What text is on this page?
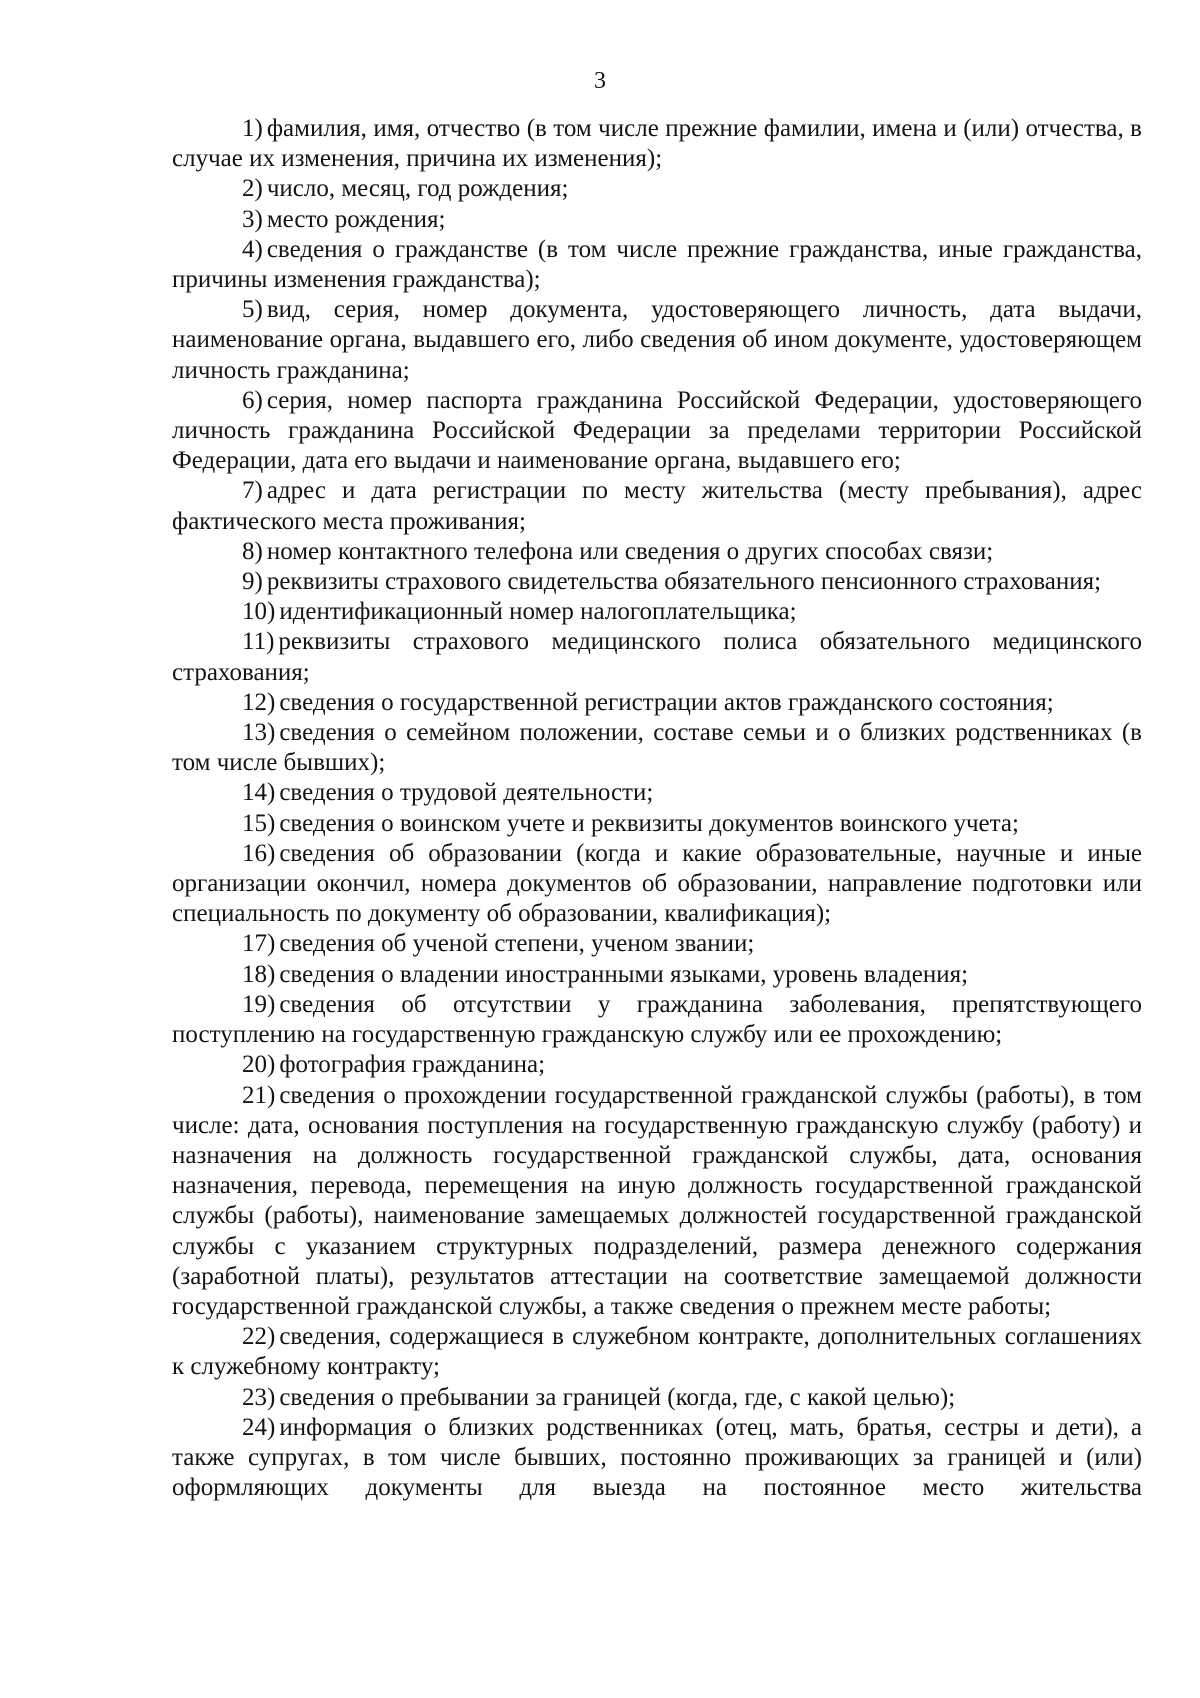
3

1) фамилия, имя, отчество (в том числе прежние фамилии, имена и (или) отчества, в случае их изменения, причина их изменения);

2) число, месяц, год рождения;

3) место рождения;

4) сведения о гражданстве (в том числе прежние гражданства, иные гражданства, причины изменения гражданства);

5) вид, серия, номер документа, удостоверяющего личность, дата выдачи, наименование органа, выдавшего его, либо сведения об ином документе, удостоверяющем личность гражданина;

6) серия, номер паспорта гражданина Российской Федерации, удостоверяющего личность гражданина Российской Федерации за пределами территории Российской Федерации, дата его выдачи и наименование органа, выдавшего его;

7) адрес и дата регистрации по месту жительства (месту пребывания), адрес фактического места проживания;

8) номер контактного телефона или сведения о других способах связи;

9) реквизиты страхового свидетельства обязательного пенсионного страхования;

10) идентификационный номер налогоплательщика;

11) реквизиты страхового медицинского полиса обязательного медицинского страхования;

12) сведения о государственной регистрации актов гражданского состояния;

13) сведения о семейном положении, составе семьи и о близких родственниках (в том числе бывших);

14) сведения о трудовой деятельности;

15) сведения о воинском учете и реквизиты документов воинского учета;

16) сведения об образовании (когда и какие образовательные, научные и иные организации окончил, номера документов об образовании, направление подготовки или специальность по документу об образовании, квалификация);

17) сведения об ученой степени, ученом звании;

18) сведения о владении иностранными языками, уровень владения;

19) сведения об отсутствии у гражданина заболевания, препятствующего поступлению на государственную гражданскую службу или ее прохождению;

20) фотография гражданина;

21) сведения о прохождении государственной гражданской службы (работы), в том числе: дата, основания поступления на государственную гражданскую службу (работу) и назначения на должность государственной гражданской службы, дата, основания назначения, перевода, перемещения на иную должность государственной гражданской службы (работы), наименование замещаемых должностей государственной гражданской службы с указанием структурных подразделений, размера денежного содержания (заработной платы), результатов аттестации на соответствие замещаемой должности государственной гражданской службы, а также сведения о прежнем месте работы;

22) сведения, содержащиеся в служебном контракте, дополнительных соглашениях к служебному контракту;

23) сведения о пребывании за границей (когда, где, с какой целью);

24) информация о близких родственниках (отец, мать, братья, сестры и дети), а также супругах, в том числе бывших, постоянно проживающих за границей и (или) оформляющих документы для выезда на постоянное место жительства
